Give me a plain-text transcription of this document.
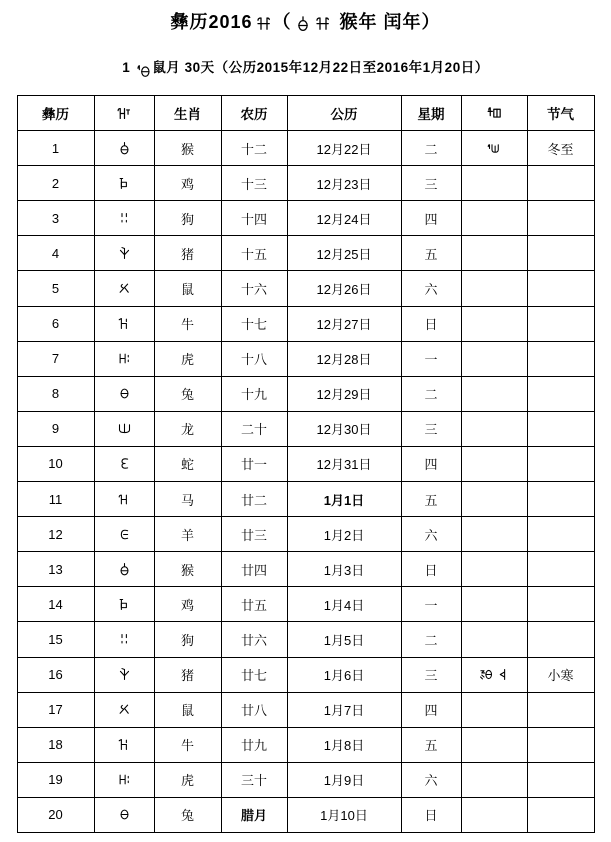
彝历2016 （	猴年 闰年）
1 鼠月 30天（公历2015年12月22日至2016年1月20日）
彝历		生肖	农历	公历	星期		节气
1		猴	十二	12月22日	二		冬至
2		鸡	十三	12月23日	三		
3		狗	十四	12月24日	四		
4		猪	十五	12月25日	五		
5		鼠	十六	12月26日	六		
6		牛	十七	12月27日	日		
7		虎	十八	12月28日	一		
8		兔	十九	12月29日	二		
9		龙	二十	12月30日	三		
10		蛇	廿一	12月31日	四		
11		马	廿二	1月1日	五		
12		羊	廿三	1月2日	六		
13		猴	廿四	1月3日	日		
14		鸡	廿五	1月4日	一		
15		狗	廿六	1月5日	二		
16		猪	廿七	1月6日	三		小寒
17		鼠	廿八	1月7日	四		
18		牛	廿九	1月8日	五		
19		虎	三十	1月9日	六		
20		兔	腊月	1月10日	日		
